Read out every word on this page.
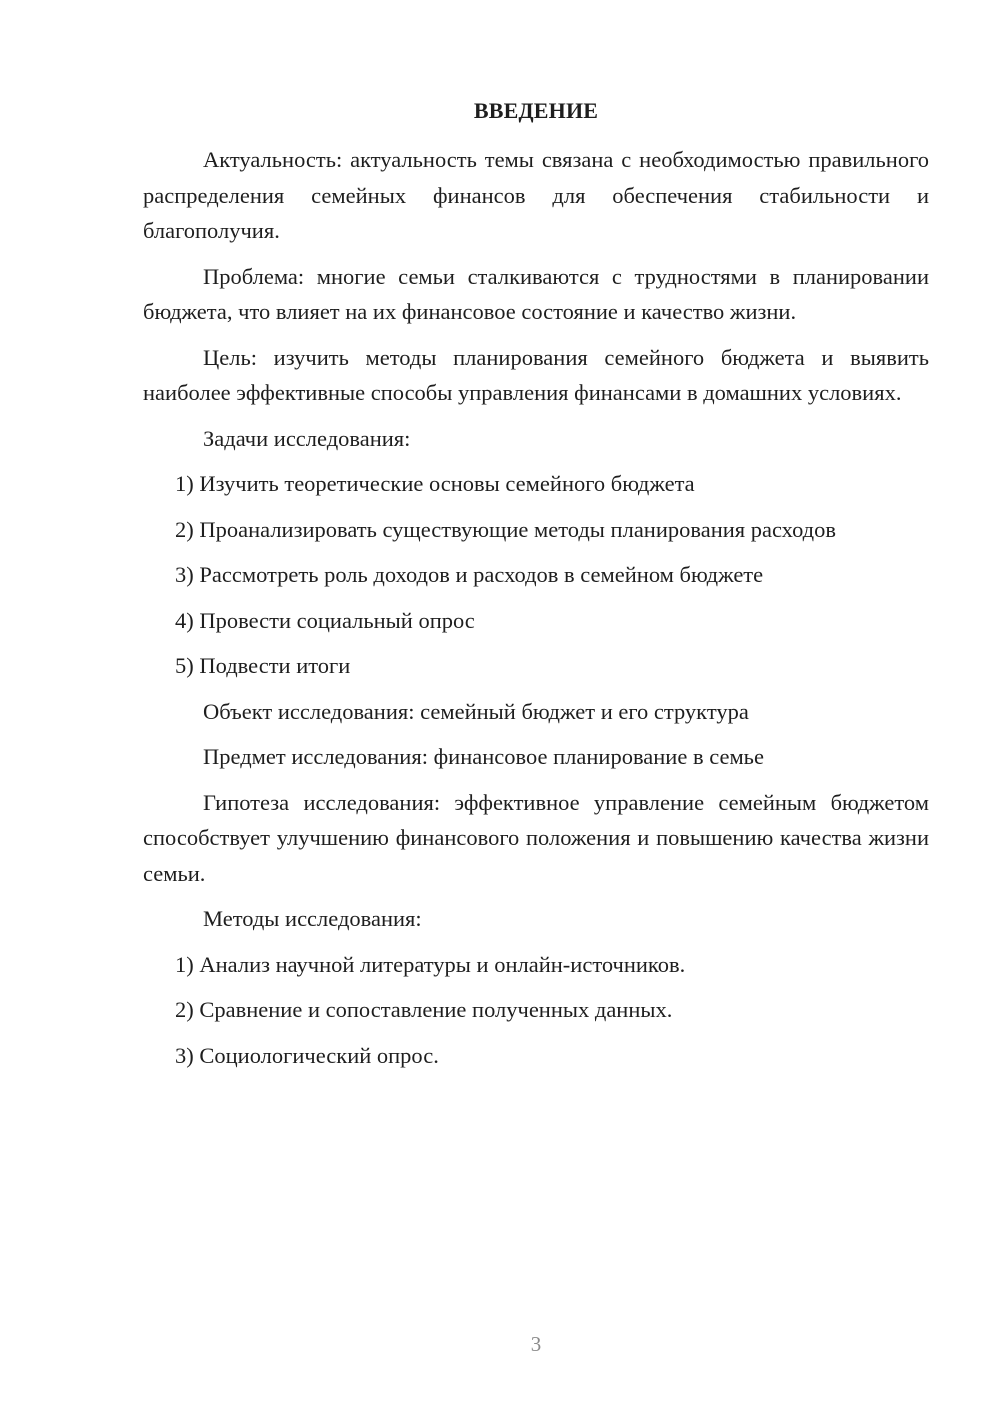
ВВЕДЕНИЕ

Актуальность: актуальность темы связана с необходимостью правильного распределения семейных финансов для обеспечения стабильности и благополучия.

Проблема: многие семьи сталкиваются с трудностями в планировании бюджета, что влияет на их финансовое состояние и качество жизни.

Цель: изучить методы планирования семейного бюджета и выявить наиболее эффективные способы управления финансами в домашних условиях.

Задачи исследования:
1) Изучить теоретические основы семейного бюджета
2) Проанализировать существующие методы планирования расходов
3) Рассмотреть роль доходов и расходов в семейном бюджете
4) Провести социальный опрос
5) Подвести итоги
Объект исследования: семейный бюджет и его структура
Предмет исследования: финансовое планирование в семье

Гипотеза исследования: эффективное управление семейным бюджетом способствует улучшению финансового положения и повышению качества жизни семьи.

Методы исследования:
1) Анализ научной литературы и онлайн-источников.
2) Сравнение и сопоставление полученных данных.
3) Социологический опрос.
3
